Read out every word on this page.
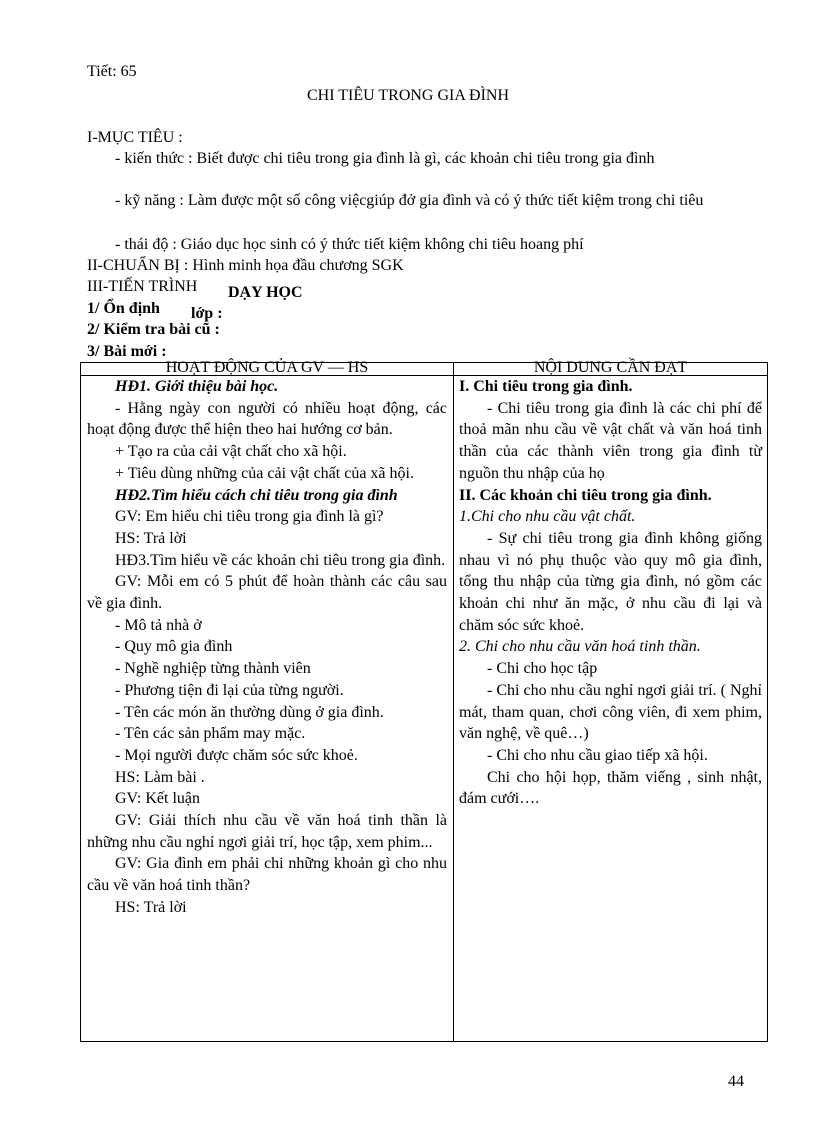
Tiết: 65
CHI TIÊU TRONG GIA ĐÌNH
I-MỤC TIÊU :
- kiến thức : Biết được chi tiêu trong gia đình là gì, các khoản chi tiêu trong gia đình
- kỹ năng : Làm được một số công việcgiúp đở gia đình và có ý thức tiết kiệm trong chi tiêu
- thái độ : Giáo dục học sinh có ý thức tiết kiệm không chi tiêu hoang phí
II-CHUẨN BỊ : Hình minh họa đầu chương SGK
III-TIẾN TRÌNH DẠY HỌC
1/ Ổn định lớp :
2/ Kiểm tra bài cũ :
3/ Bài mới :
HOẠT ĐỘNG CỦA GV — HS	NỘI DUNG CẦN ĐẠT

HĐ1. Giới thiệu bài học.

- Hằng ngày con người có nhiều hoạt động, các hoạt động được thể hiện theo hai hướng cơ bản.

+ Tạo ra của cải vật chất cho xã hội.

+ Tiêu dùng những của cải vật chất của xã hội.

HĐ2.Tìm hiểu cách chi tiêu trong gia đình

GV: Em hiểu chi tiêu trong gia đình là gì?

HS: Trả lời

HĐ3.Tìm hiểu về các khoản chi tiêu trong gia đình.

GV: Mỗi em có 5 phút để hoàn thành các câu sau về gia đình.

- Mô tả nhà ở

- Quy mô gia đình

- Nghề nghiệp từng thành viên

- Phương tiện đi lại của từng người.

- Tên các món ăn thường dùng ở gia đình.

- Tên các sản phẩm may mặc.

- Mọi người được chăm sóc sức khoẻ.

HS: Làm bài .

GV: Kết luận

GV: Giải thích nhu cầu về văn hoá tinh thần là những nhu cầu nghỉ ngơi giải trí, học tập, xem phim...

GV: Gia đình em phải chi những khoản gì cho nhu cầu về văn hoá tinh thần?

HS: Trả lời

I. Chi tiêu trong gia đình.

- Chi tiêu trong gia đình là các chi phí để thoả mãn nhu cầu về vật chất và văn hoá tinh thần của các thành viên trong gia đình từ nguồn thu nhập của họ

II. Các khoản chi tiêu trong gia đình.

1.Chi cho nhu cầu vật chất.

- Sự chi tiêu trong gia đình không giống nhau vì nó phụ thuộc vào quy mô gia đình, tổng thu nhập của từng gia đình, nó gồm các khoản chi như ăn mặc, ở nhu cầu đi lại và chăm sóc sức khoẻ.

2. Chi cho nhu cầu văn hoá tinh thần.

- Chi cho học tập

- Chi cho nhu cầu nghỉ ngơi giải trí. ( Nghỉ mát, tham quan, chơi công viên, đi xem phim, văn nghệ, về quê…)

- Chi cho nhu cầu giao tiếp xã hội.

Chi cho hội họp, thăm viếng , sinh nhật, đám cưới….

44
